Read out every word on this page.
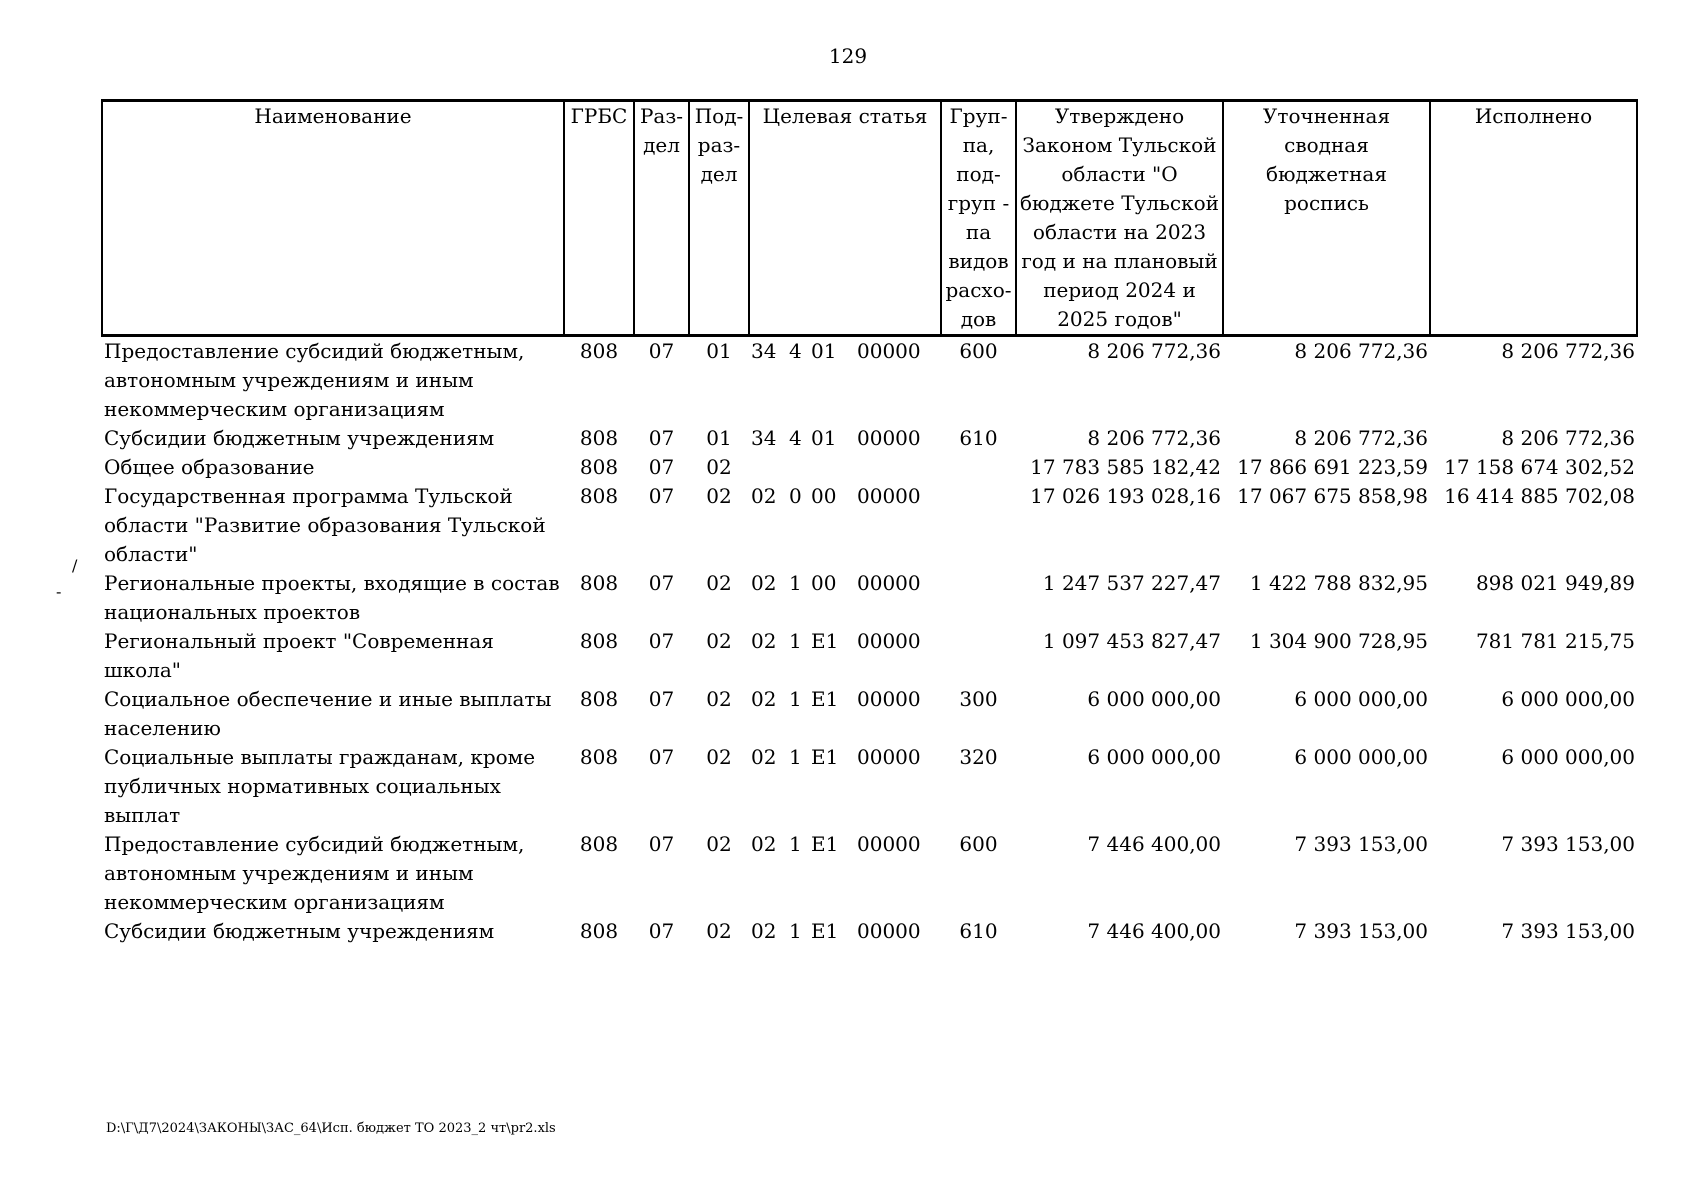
129
Наименование	ГРБС	Раз-дел	Под-раз-дел	Целевая статья	Груп-па, под-груп - па видов расхо-дов	Утверждено Законом Тульской области "О бюджете Тульской области на 2023 год и на плановый период 2024 и 2025 годов"	Уточненная сводная бюджетная роспись	Исполнено
Предоставление субсидий бюджетным, автономным учреждениям и иным некоммерческим организациям	808	07	01	34 4 01 00000	600	8 206 772,36	8 206 772,36	8 206 772,36
Субсидии бюджетным учреждениям	808	07	01	34 4 01 00000	610	8 206 772,36	8 206 772,36	8 206 772,36
Общее образование	808	07	02			17 783 585 182,42	17 866 691 223,59	17 158 674 302,52
Государственная программа Тульской области "Развитие образования Тульской области"	808	07	02	02 0 00 00000		17 026 193 028,16	17 067 675 858,98	16 414 885 702,08
Региональные проекты, входящие в состав национальных проектов	808	07	02	02 1 00 00000		1 247 537 227,47	1 422 788 832,95	898 021 949,89
Региональный проект "Современная школа"	808	07	02	02 1 E1 00000		1 097 453 827,47	1 304 900 728,95	781 781 215,75
Социальное обеспечение и иные выплаты населению	808	07	02	02 1 E1 00000	300	6 000 000,00	6 000 000,00	6 000 000,00
Социальные выплаты гражданам, кроме публичных нормативных социальных выплат	808	07	02	02 1 E1 00000	320	6 000 000,00	6 000 000,00	6 000 000,00
Предоставление субсидий бюджетным, автономным учреждениям и иным некоммерческим организациям	808	07	02	02 1 E1 00000	600	7 446 400,00	7 393 153,00	7 393 153,00
Субсидии бюджетным учреждениям	808	07	02	02 1 E1 00000	610	7 446 400,00	7 393 153,00	7 393 153,00
/
-
D:\Г\Д7\2024\ЗАКОНЫ\ЗАС_64\Исп. бюджет ТО 2023_2 чт\pr2.xls
